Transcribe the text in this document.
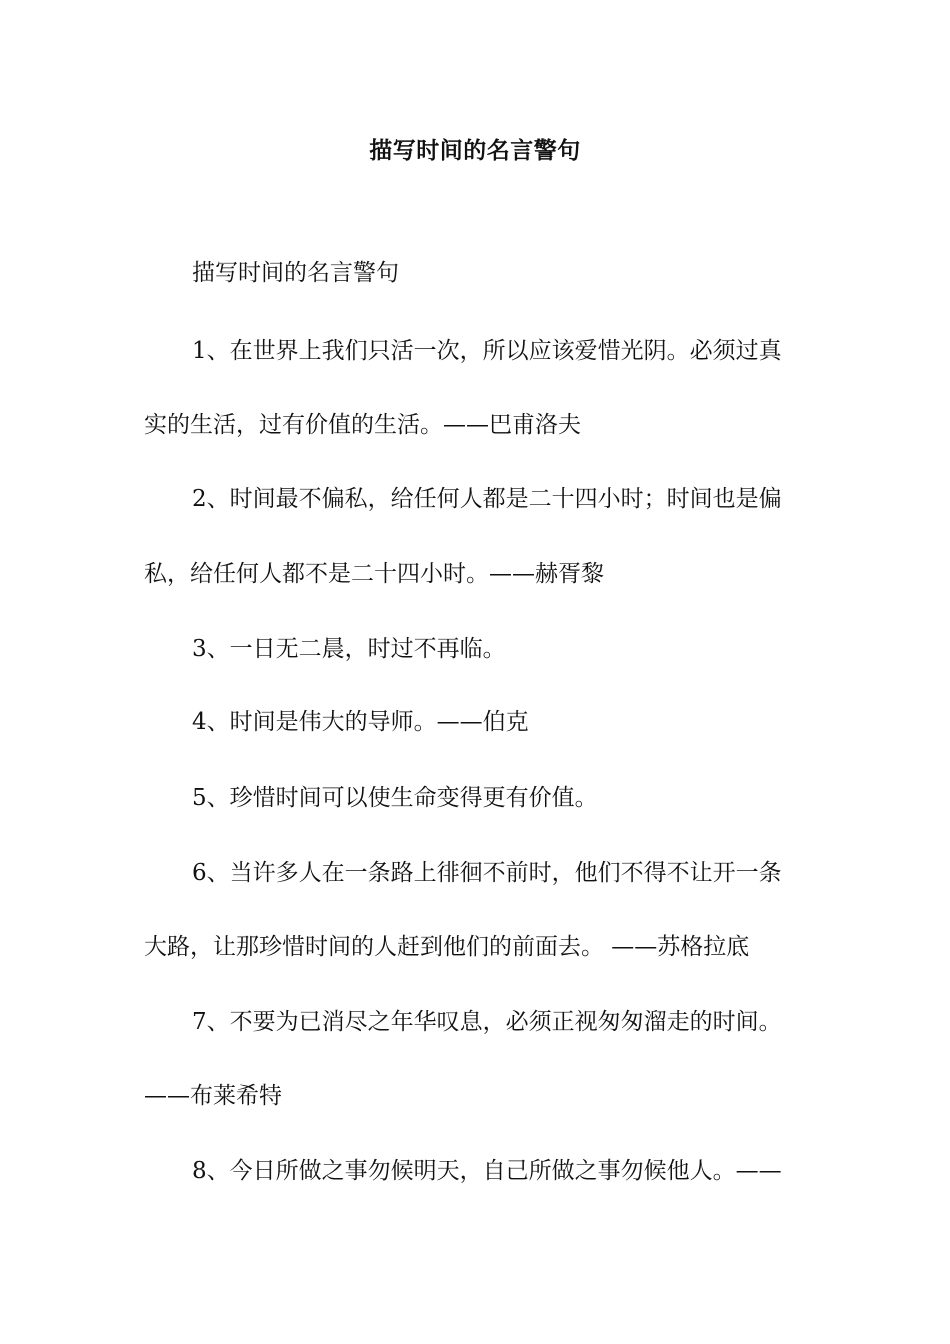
描写时间的名言警句
描写时间的名言警句
1、在世界上我们只活一次，所以应该爱惜光阴。必须过真
实的生活，过有价值的生活。——巴甫洛夫
2、时间最不偏私，给任何人都是二十四小时；时间也是偏
私，给任何人都不是二十四小时。——赫胥黎
3、一日无二晨，时过不再临。
4、时间是伟大的导师。——伯克
5、珍惜时间可以使生命变得更有价值。
6、当许多人在一条路上徘徊不前时，他们不得不让开一条
大路，让那珍惜时间的人赶到他们的前面去。 ——苏格拉底
7、不要为已消尽之年华叹息，必须正视匆匆溜走的时间。
——布莱希特
8、今日所做之事勿候明天，自己所做之事勿候他人。——
